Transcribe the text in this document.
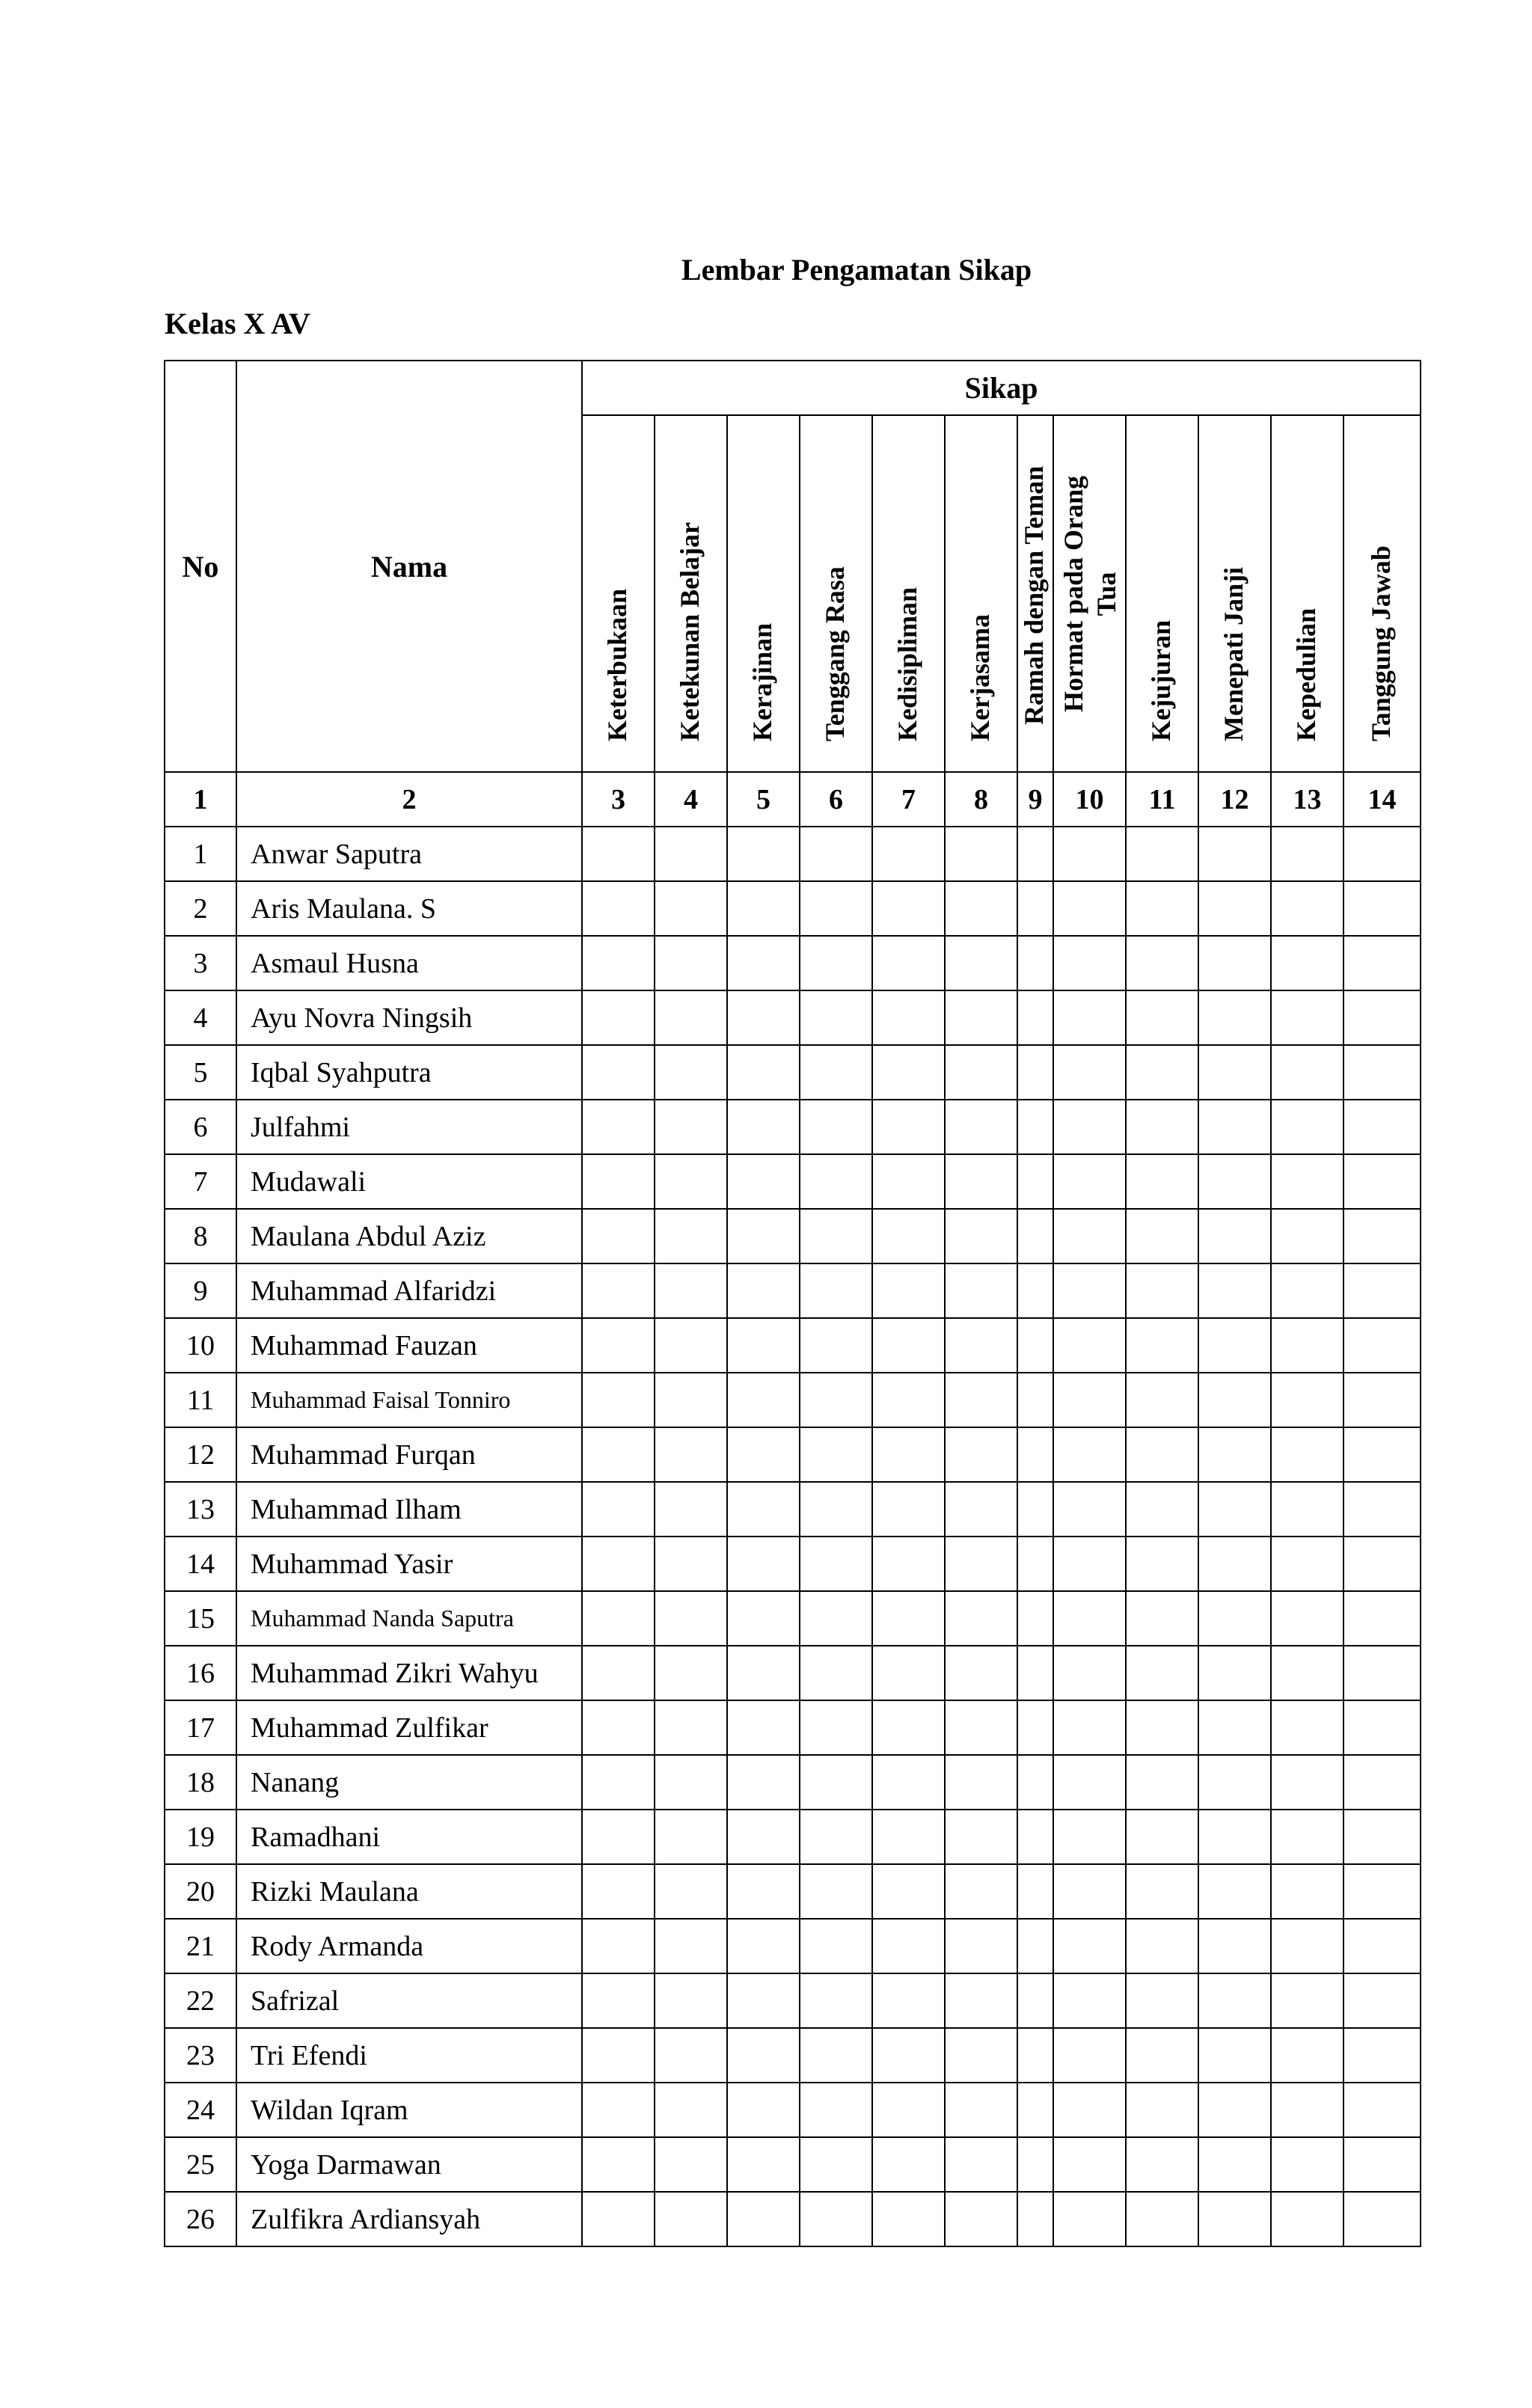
Lembar Pengamatan Sikap
Kelas X AV
No	Nama	Sikap											

		Keterbukaan	Ketekunan Belajar	Kerajinan	Tenggang Rasa	Kedisipliman	Kerjasama	Ramah dengan Teman	Hormat pada Orang Tua	Kejujuran	Menepati Janji	Kepedulian	Tanggung Jawab

1	2	3	4	5	6	7	8	9	10	11	12	13	14
1	Anwar Saputra												
2	Aris Maulana. S												
3	Asmaul Husna												
4	Ayu Novra Ningsih												
5	Iqbal Syahputra												
6	Julfahmi												
7	Mudawali												
8	Maulana Abdul Aziz												
9	Muhammad Alfaridzi												
10	Muhammad Fauzan												
11	Muhammad Faisal Tonniro												
12	Muhammad Furqan												
13	Muhammad Ilham												
14	Muhammad Yasir												
15	Muhammad Nanda Saputra												
16	Muhammad Zikri Wahyu												
17	Muhammad Zulfikar												
18	Nanang												
19	Ramadhani												
20	Rizki Maulana												
21	Rody Armanda												
22	Safrizal												
23	Tri Efendi												
24	Wildan Iqram												
25	Yoga Darmawan												
26	Zulfikra Ardiansyah												
